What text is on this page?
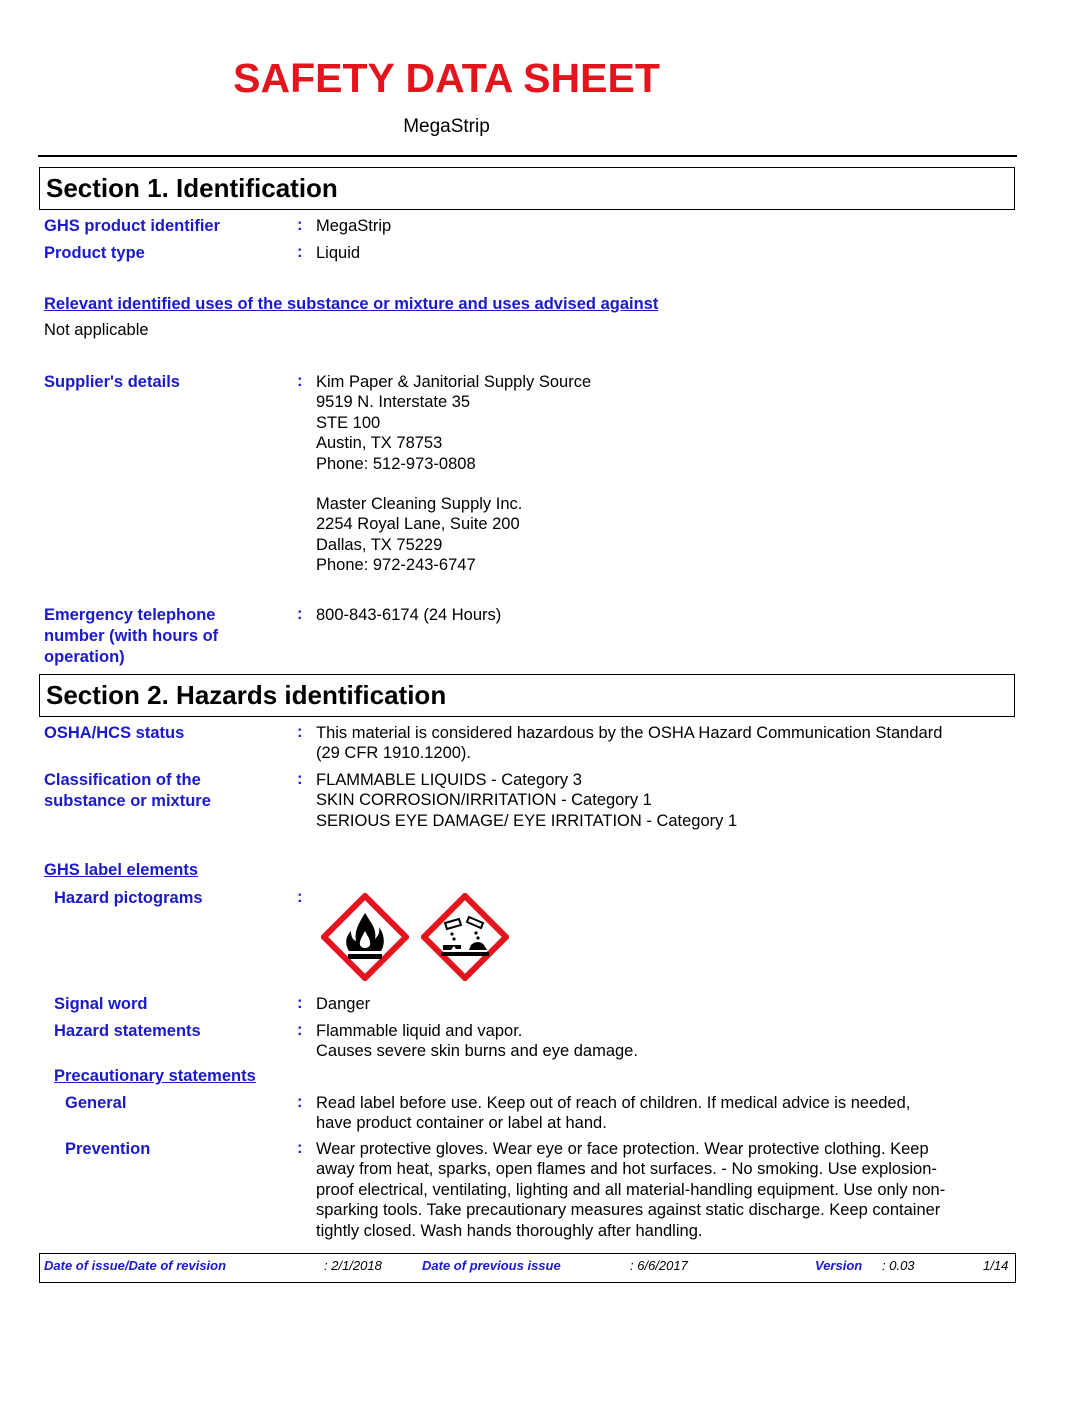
SAFETY DATA SHEET
MegaStrip
Section 1. Identification
GHS product identifier	: MegaStrip
Product type	: Liquid
Relevant identified uses of the substance or mixture and uses advised against
Not applicable
Supplier's details	: Kim Paper & Janitorial Supply Source
9519 N. Interstate 35
STE 100
Austin, TX 78753
Phone: 512-973-0808
Master Cleaning Supply Inc.
2254 Royal Lane, Suite 200
Dallas, TX 75229
Phone: 972-243-6747
Emergency telephone
number (with hours of
operation)
: 800-843-6174 (24 Hours)
Section 2. Hazards identification
OSHA/HCS status	: This material is considered hazardous by the OSHA Hazard Communication Standard
(29 CFR 1910.1200).
Classification of the
substance or mixture
: FLAMMABLE LIQUIDS - Category 3
SKIN CORROSION/IRRITATION - Category 1
SERIOUS EYE DAMAGE/ EYE IRRITATION - Category 1
GHS label elements
Hazard pictograms	:
Signal word	: Danger
Hazard statements	: Flammable liquid and vapor.
Causes severe skin burns and eye damage.
Precautionary statements
General	: Read label before use. Keep out of reach of children. If medical advice is needed,
have product container or label at hand.
Prevention	: Wear protective gloves. Wear eye or face protection. Wear protective clothing. Keep
away from heat, sparks, open flames and hot surfaces. - No smoking. Use explosion-
proof electrical, ventilating, lighting and all material-handling equipment. Use only non-
sparking tools. Take precautionary measures against static discharge. Keep container
tightly closed. Wash hands thoroughly after handling.
Date of issue/Date of revision	: 2/1/2018	Date of previous issue	: 6/6/2017	Version : 0.03	1/14
